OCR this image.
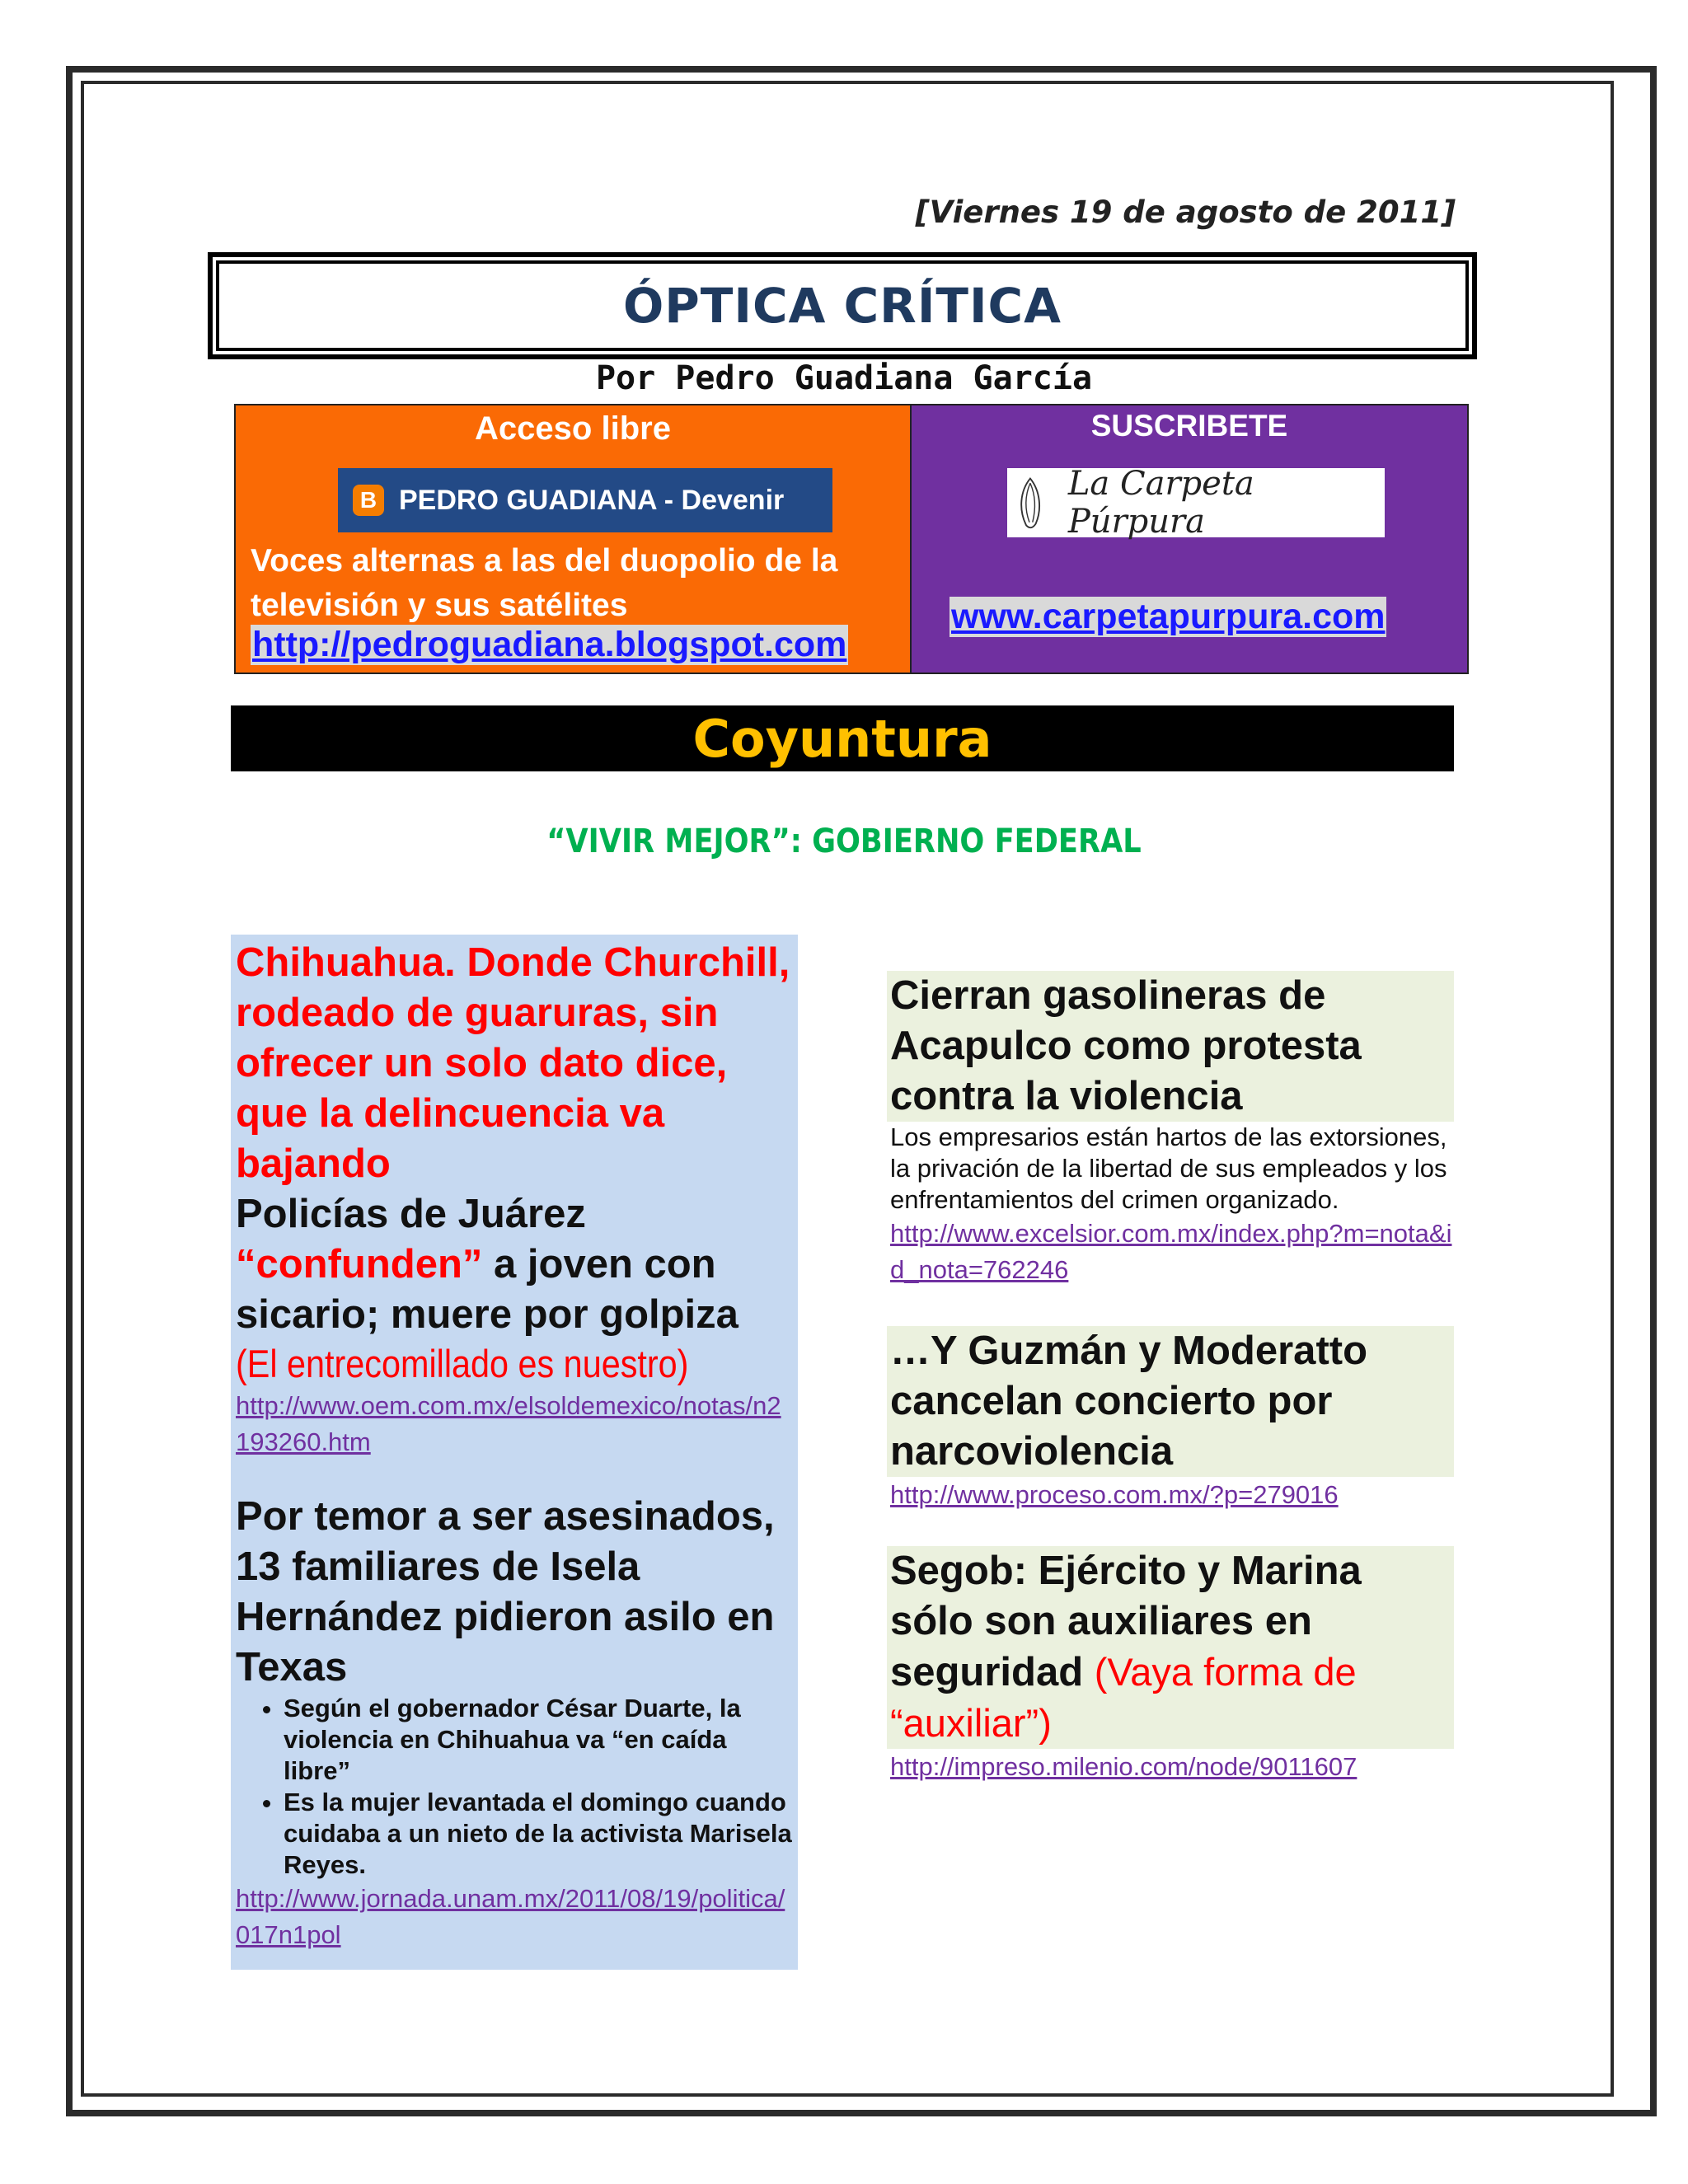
[Viernes 19 de agosto de 2011]
ÓPTICA CRÍTICA
Por Pedro Guadiana García
Acceso libre
B PEDRO GUADIANA - Devenir
Voces alternas a las del duopolio de la televisión y sus satélites
http://pedroguadiana.blogspot.com
SUSCRIBETE
La Carpeta Púrpura
www.carpetapurpura.com
Coyuntura
“VIVIR MEJOR”: GOBIERNO FEDERAL
Chihuahua. Donde Churchill, rodeado de guaruras, sin ofrecer un solo dato dice, que la delincuencia va bajando
Policías de Juárez “confunden” a joven con sicario; muere por golpiza
(El entrecomillado es nuestro)
http://www.oem.com.mx/elsoldemexico/notas/n2193260.htm
Por temor a ser asesinados, 13 familiares de Isela Hernández pidieron asilo en Texas
• Según el gobernador César Duarte, la violencia en Chihuahua va “en caída libre”
• Es la mujer levantada el domingo cuando cuidaba a un nieto de la activista Marisela Reyes.
http://www.jornada.unam.mx/2011/08/19/politica/017n1pol
Cierran gasolineras de Acapulco como protesta contra la violencia
Los empresarios están hartos de las extorsiones, la privación de la libertad de sus empleados y los enfrentamientos del crimen organizado.
http://www.excelsior.com.mx/index.php?m=nota&id_nota=762246
…Y Guzmán y Moderatto cancelan concierto por narcoviolencia
http://www.proceso.com.mx/?p=279016
Segob: Ejército y Marina sólo son auxiliares en seguridad (Vaya forma de “auxiliar”)
http://impreso.milenio.com/node/9011607
